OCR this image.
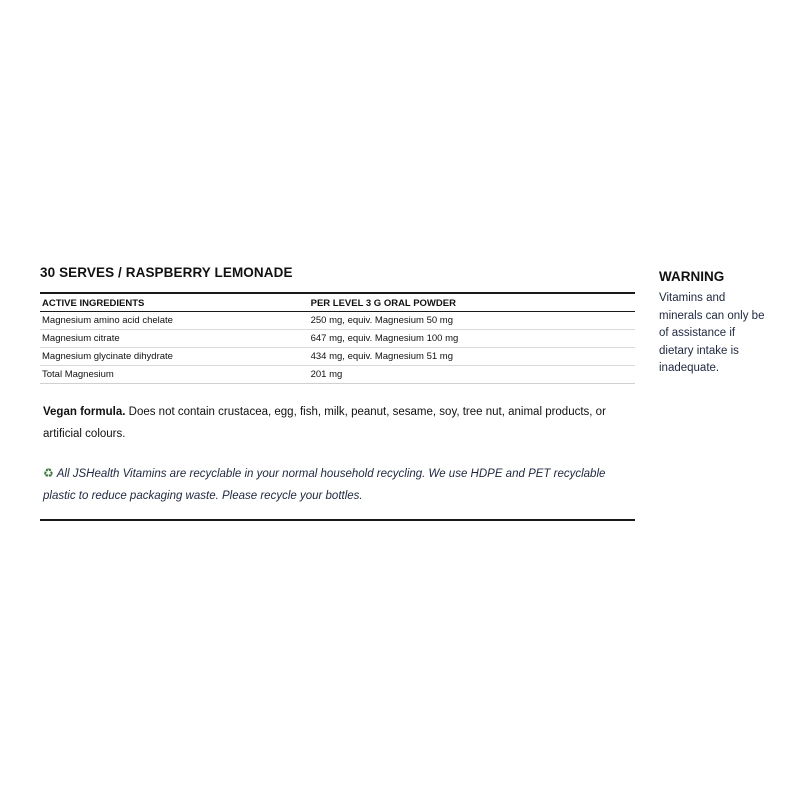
30 SERVES / RASPBERRY LEMONADE
ACTIVE INGREDIENTS	PER LEVEL 3 G ORAL POWDER
Magnesium amino acid chelate	250 mg, equiv. Magnesium 50 mg
Magnesium citrate	647 mg, equiv. Magnesium 100 mg
Magnesium glycinate dihydrate	434 mg, equiv. Magnesium 51 mg
Total Magnesium	201 mg

Vegan formula. Does not contain crustacea, egg, fish, milk, peanut, sesame, soy, tree nut, animal products, or artificial colours.

♻ All JSHealth Vitamins are recyclable in your normal household recycling. We use HDPE and PET recyclable plastic to reduce packaging waste. Please recycle your bottles.

WARNING

Vitamins and minerals can only be of assistance if dietary intake is inadequate.
